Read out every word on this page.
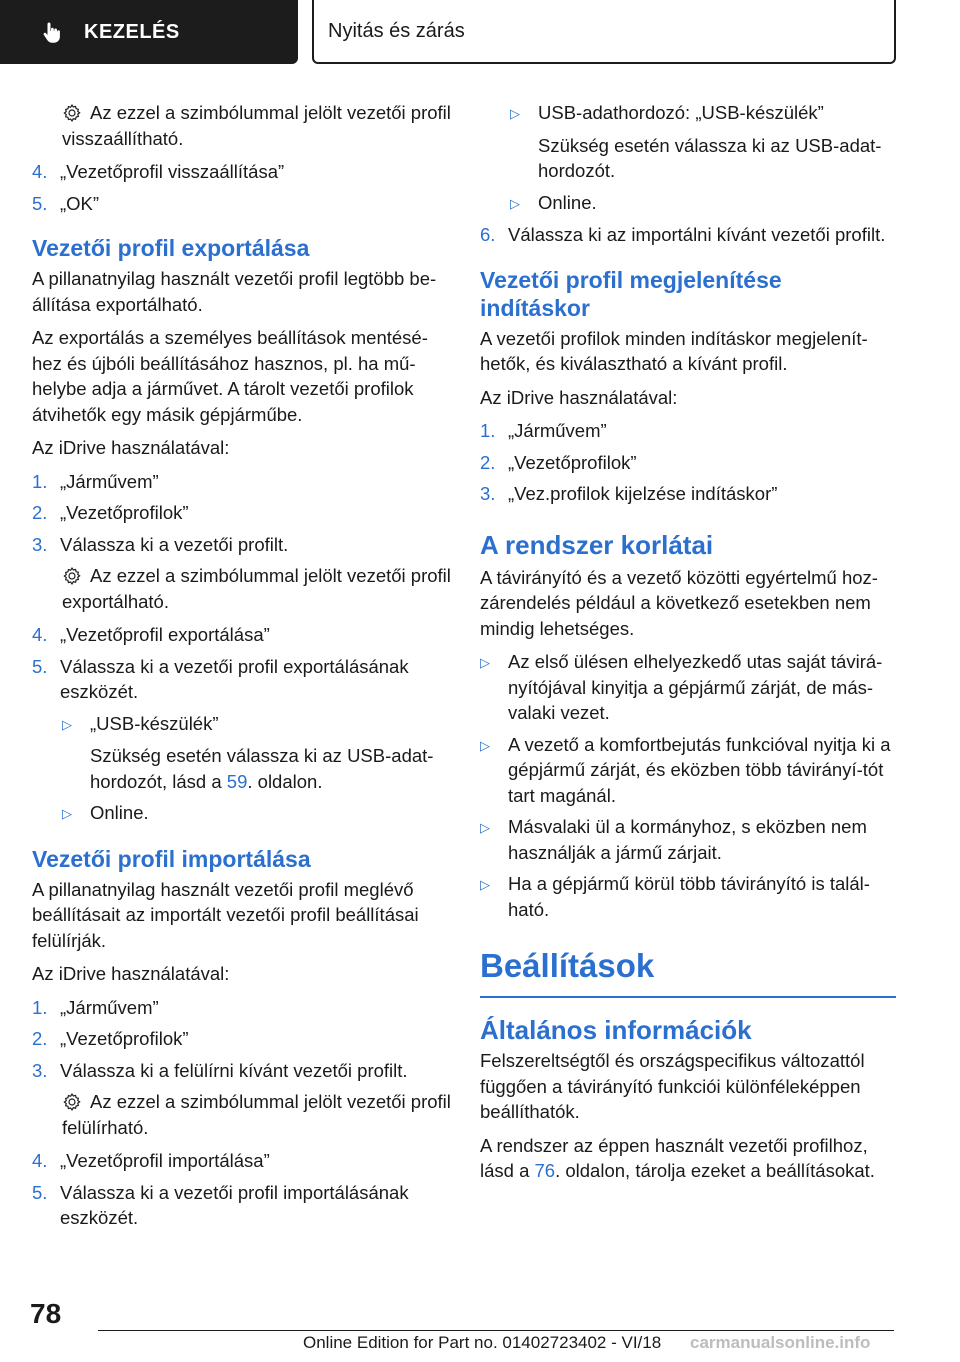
KEZELÉS	Nyitás és zárás
Az ezzel a szimbólummal jelölt vezetői profil visszaállítható.
4. „Vezetőprofil visszaállítása”
5. „OK”
Vezetői profil exportálása

A pillanatnyilag használt vezetői profil legtöbb be-állítása exportálható.

Az exportálás a személyes beállítások mentésé-hez és újbóli beállításához hasznos, pl. ha mű-helybe adja a járművet. A tárolt vezetői profilok átvihetők egy másik gépjárműbe.

Az iDrive használatával:

1. „Járművem”
2. „Vezetőprofilok”
3. Válassza ki a vezetői profilt.
Az ezzel a szimbólummal jelölt vezetői profil exportálható.
4. „Vezetőprofil exportálása”
5. Válassza ki a vezetői profil exportálásának eszközét.
▷ „USB-készülék”
Szükség esetén válassza ki az USB-adat-hordozót, lásd a 59. oldalon.
▷ Online.
Vezetői profil importálása

A pillanatnyilag használt vezetői profil meglévő beállításait az importált vezetői profil beállításai felülírják.

Az iDrive használatával:

1. „Járművem”
2. „Vezetőprofilok”
3. Válassza ki a felülírni kívánt vezetői profilt.
Az ezzel a szimbólummal jelölt vezetői profil felülírható.
4. „Vezetőprofil importálása”
5. Válassza ki a vezetői profil importálásának eszközét.
▷ USB-adathordozó: „USB-készülék”
Szükség esetén válassza ki az USB-adat-hordozót.
▷ Online.
6. Válassza ki az importálni kívánt vezetői profilt.
Vezetői profil megjelenítése indításkor

A vezetői profilok minden indításkor megjelenít-hetők, és kiválasztható a kívánt profil.

Az iDrive használatával:

1. „Járművem”
2. „Vezetőprofilok”
3. „Vez.profilok kijelzése indításkor”
A rendszer korlátai

A távirányító és a vezető közötti egyértelmű hoz-zárendelés például a következő esetekben nem mindig lehetséges.

▷ Az első ülésen elhelyezkedő utas saját távirá-nyítójával kinyitja a gépjármű zárját, de más-valaki vezet.
▷ A vezető a komfortbejutás funkcióval nyitja ki a gépjármű zárját, és eközben több távirányí-tót tart magánál.
▷ Másvalaki ül a kormányhoz, s eközben nem használják a jármű zárjait.
▷ Ha a gépjármű körül több távirányító is talál-ható.
Beállítások
Általános információk

Felszereltségtől és országspecifikus változattól függően a távirányító funkciói különféleképpen beállíthatók.

A rendszer az éppen használt vezetői profilhoz, lásd a 76. oldalon, tárolja ezeket a beállításokat.

78
Online Edition for Part no. 01402723402 - VI/18 carmanualsonline.info
